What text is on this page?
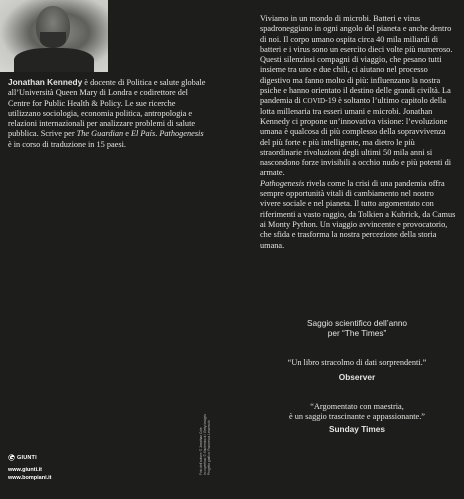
Jonathan Kennedy è docente di Politica e salute globale all’Università Queen Mary di Londra e codirettore del Centre for Public Health & Policy. Le sue ricerche utilizzano sociologia, economia politica, antropologia e relazioni internazionali per analizzare problemi di salute pubblica. Scrive per The Guardian e El País. Pathogenesis è in corso di traduzione in 15 paesi.

Viviamo in un mondo di microbi. Batteri e virus spadroneggiano in ogni angolo del pianeta e anche dentro di noi. Il corpo umano ospita circa 40 mila miliardi di batteri e i virus sono un esercito dieci volte più numeroso. Questi silenziosi compagni di viaggio, che pesano tutti insieme tra uno e due chili, ci aiutano nel processo digestivo ma fanno molto di più: influenzano la nostra psiche e hanno orientato il destino delle grandi civiltà. La pandemia di COVID-19 è soltanto l’ultimo capitolo della lotta millenaria tra esseri umani e microbi. Jonathan Kennedy ci propone un’innovativa visione: l’evoluzione umana è qualcosa di più complesso della sopravvivenza del più forte e più intelligente, ma dietro le più straordinarie rivoluzioni degli ultimi 50 mila anni si nascondono forze invisibili a occhio nudo e più potenti di armate.

Pathogenesis rivela come la crisi di una pandemia offra sempre opportunità vitali di cambiamento nel nostro vivere sociale e nel pianeta. Il tutto argomentato con riferimenti a vasto raggio, da Tolkien a Kubrick, da Camus ai Monty Python. Un viaggio avvincente e provocatorio, che sfida e trasforma la nostra percezione della storia umana.

Saggio scientifico dell’anno
per “The Times”
“Un libro stracolmo di dati sorprendenti.”
Observer
“Argomentato con maestria,
è un saggio trascinante e appassionante.”
Sunday Times
Foto dell’autore: © Jonathan Cole In copertina: © Shutterstock / Getty Images Progetto grafico: Francesca Leoneschi
GIUNTI
www.giunti.it
www.bompiani.it
